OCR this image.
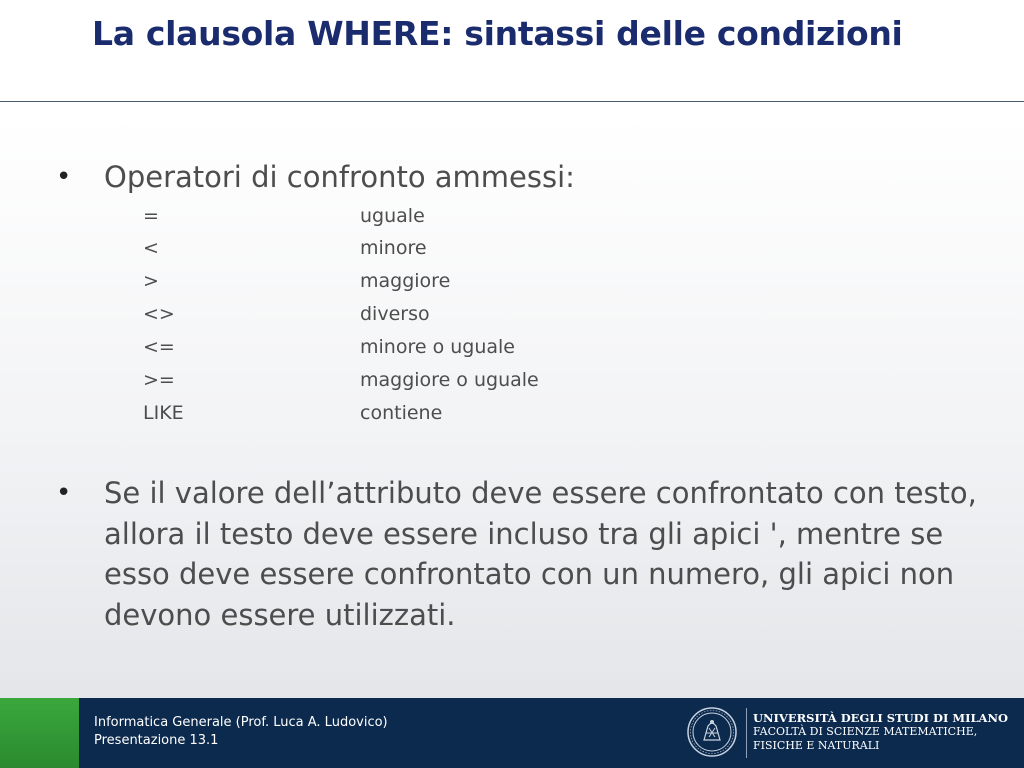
La clausola WHERE: sintassi delle condizioni
• Operatori di confronto ammessi:
=	uguale
<	minore
>	maggiore
<>	diverso
<=	minore o uguale
>=	maggiore o uguale
LIKE	contiene
• Se il valore dell’attributo deve essere confrontato con testo, allora il testo deve essere incluso tra gli apici ', mentre se esso deve essere confrontato con un numero, gli apici non devono essere utilizzati.
Informatica Generale (Prof. Luca A. Ludovico)
Presentazione 13.1
UNIVERSITÀ DEGLI STUDI DI MILANO
FACOLTÀ DI SCIENZE MATEMATICHE,
FISICHE E NATURALI
